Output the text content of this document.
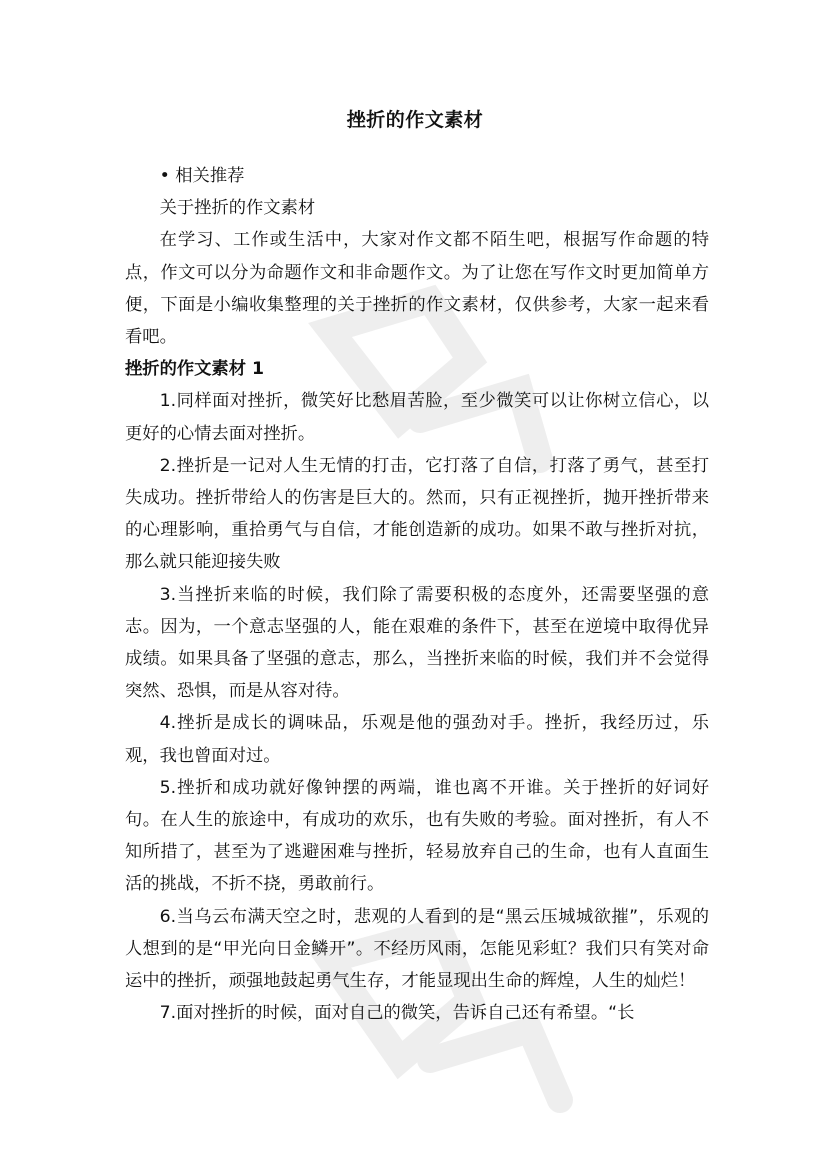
挫折的作文素材

• 相关推荐

关于挫折的作文素材

在学习、工作或生活中，大家对作文都不陌生吧，根据写作命题的特点，作文可以分为命题作文和非命题作文。为了让您在写作文时更加简单方便，下面是小编收集整理的关于挫折的作文素材，仅供参考，大家一起来看看吧。

挫折的作文素材 1

1.同样面对挫折，微笑好比愁眉苦脸，至少微笑可以让你树立信心，以更好的心情去面对挫折。

2.挫折是一记对人生无情的打击，它打落了自信，打落了勇气，甚至打失成功。挫折带给人的伤害是巨大的。然而，只有正视挫折，抛开挫折带来的心理影响，重拾勇气与自信，才能创造新的成功。如果不敢与挫折对抗，那么就只能迎接失败

3.当挫折来临的时候，我们除了需要积极的态度外，还需要坚强的意志。因为，一个意志坚强的人，能在艰难的条件下，甚至在逆境中取得优异成绩。如果具备了坚强的意志，那么，当挫折来临的时候，我们并不会觉得突然、恐惧，而是从容对待。

4.挫折是成长的调味品，乐观是他的强劲对手。挫折，我经历过，乐观，我也曾面对过。

5.挫折和成功就好像钟摆的两端，谁也离不开谁。关于挫折的好词好句。在人生的旅途中，有成功的欢乐，也有失败的考验。面对挫折，有人不知所措了，甚至为了逃避困难与挫折，轻易放弃自己的生命，也有人直面生活的挑战，不折不挠，勇敢前行。

6.当乌云布满天空之时，悲观的人看到的是“黑云压城城欲摧”，乐观的人想到的是“甲光向日金鳞开”。不经历风雨，怎能见彩虹？我们只有笑对命运中的挫折，顽强地鼓起勇气生存，才能显现出生命的辉煌，人生的灿烂！

7.面对挫折的时候，面对自己的微笑，告诉自己还有希望。“长
